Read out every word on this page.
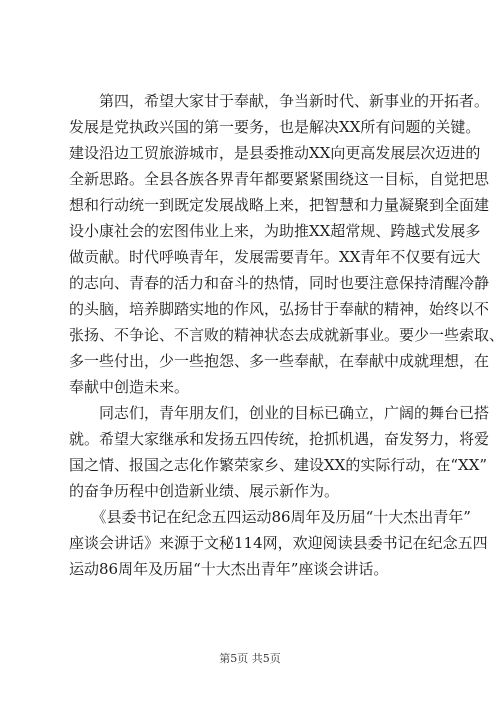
　　第四，希望大家甘于奉献，争当新时代、新事业的开拓者。
发展是党执政兴国的第一要务，也是解决XX所有问题的关键。
建设沿边工贸旅游城市，是县委推动XX向更高发展层次迈进的
全新思路。全县各族各界青年都要紧紧围绕这一目标，自觉把思
想和行动统一到既定发展战略上来，把智慧和力量凝聚到全面建
设小康社会的宏图伟业上来，为助推XX超常规、跨越式发展多
做贡献。时代呼唤青年，发展需要青年。XX青年不仅要有远大
的志向、青春的活力和奋斗的热情，同时也要注意保持清醒冷静
的头脑，培养脚踏实地的作风，弘扬甘于奉献的精神，始终以不
张扬、不争论、不言败的精神状态去成就新事业。要少一些索取、
多一些付出，少一些抱怨、多一些奉献，在奉献中成就理想，在
奉献中创造未来。
　　同志们，青年朋友们，创业的目标已确立，广阔的舞台已搭
就。希望大家继承和发扬五四传统，抢抓机遇，奋发努力，将爱
国之情、报国之志化作繁荣家乡、建设XX的实际行动，在“XX”
的奋争历程中创造新业绩、展示新作为。
　　《县委书记在纪念五四运动86周年及历届“十大杰出青年”
座谈会讲话》来源于文秘114网，欢迎阅读县委书记在纪念五四
运动86周年及历届“十大杰出青年”座谈会讲话。
第5页 共5页
